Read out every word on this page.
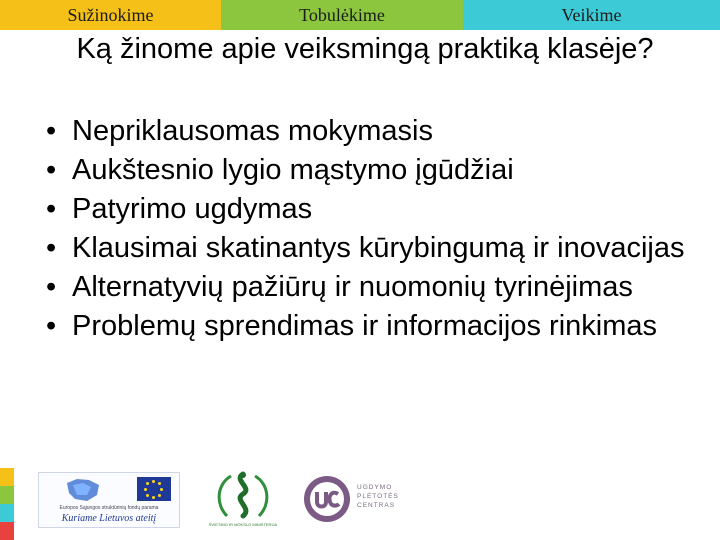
Sužinokime	Tobulėkime	Veikime
Ką žinome apie veiksmingą praktiką klasėje?
• Nepriklausomas mokymasis
• Aukštesnio lygio mąstymo įgūdžiai
• Patyrimo ugdymas
• Klausimai skatinantys kūrybingumą ir inovacijas
• Alternatyvių pažiūrų ir nuomonių tyrinėjimas
• Problemų sprendimas ir informacijos rinkimas
Europos Sąjungos struktūrinių fondų parama
Kuriame Lietuvos ateitį
ŠVIETIMO IR MOKSLO MINISTERIJA
UGDYMO
PLĖTOTĖS
CENTRAS
